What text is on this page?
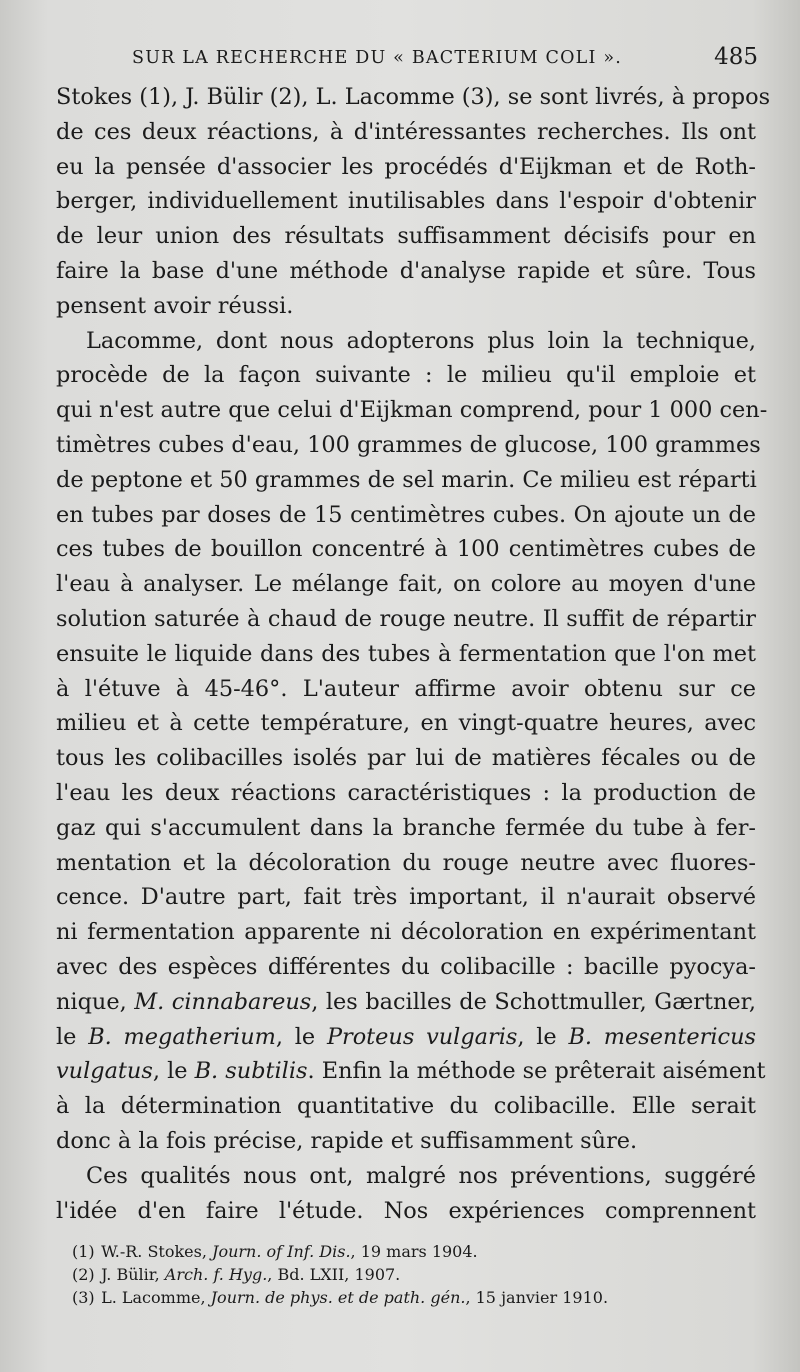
SUR LA RECHERCHE DU « BACTERIUM COLI ».	485

Stokes (1), J. Bülir (2), L. Lacomme (3), se sont livrés, à propos
de ces deux réactions, à d'intéressantes recherches. Ils ont
eu la pensée d'associer les procédés d'Eijkman et de Roth-
berger, individuellement inutilisables dans l'espoir d'obtenir
de leur union des résultats suffisamment décisifs pour en
faire la base d'une méthode d'analyse rapide et sûre. Tous
pensent avoir réussi.

Lacomme, dont nous adopterons plus loin la technique,
procède de la façon suivante : le milieu qu'il emploie et
qui n'est autre que celui d'Eijkman comprend, pour 1 000 cen-
timètres cubes d'eau, 100 grammes de glucose, 100 grammes
de peptone et 50 grammes de sel marin. Ce milieu est réparti
en tubes par doses de 15 centimètres cubes. On ajoute un de
ces tubes de bouillon concentré à 100 centimètres cubes de
l'eau à analyser. Le mélange fait, on colore au moyen d'une
solution saturée à chaud de rouge neutre. Il suffit de répartir
ensuite le liquide dans des tubes à fermentation que l'on met
à l'étuve à 45-46°. L'auteur affirme avoir obtenu sur ce
milieu et à cette température, en vingt-quatre heures, avec
tous les colibacilles isolés par lui de matières fécales ou de
l'eau les deux réactions caractéristiques : la production de
gaz qui s'accumulent dans la branche fermée du tube à fer-
mentation et la décoloration du rouge neutre avec fluores-
cence. D'autre part, fait très important, il n'aurait observé
ni fermentation apparente ni décoloration en expérimentant
avec des espèces différentes du colibacille : bacille pyocya-
nique, M. cinnabareus, les bacilles de Schottmuller, Gærtner,
le B. megatherium, le Proteus vulgaris, le B. mesentericus
vulgatus, le B. subtilis. Enfin la méthode se prêterait aisément
à la détermination quantitative du colibacille. Elle serait
donc à la fois précise, rapide et suffisamment sûre.

Ces qualités nous ont, malgré nos préventions, suggéré
l'idée d'en faire l'étude. Nos expériences comprennent

(1) W.-R. Stokes, Journ. of Inf. Dis., 19 mars 1904.
(2) J. Bülir, Arch. f. Hyg., Bd. LXII, 1907.
(3) L. Lacomme, Journ. de phys. et de path. gén., 15 janvier 1910.
